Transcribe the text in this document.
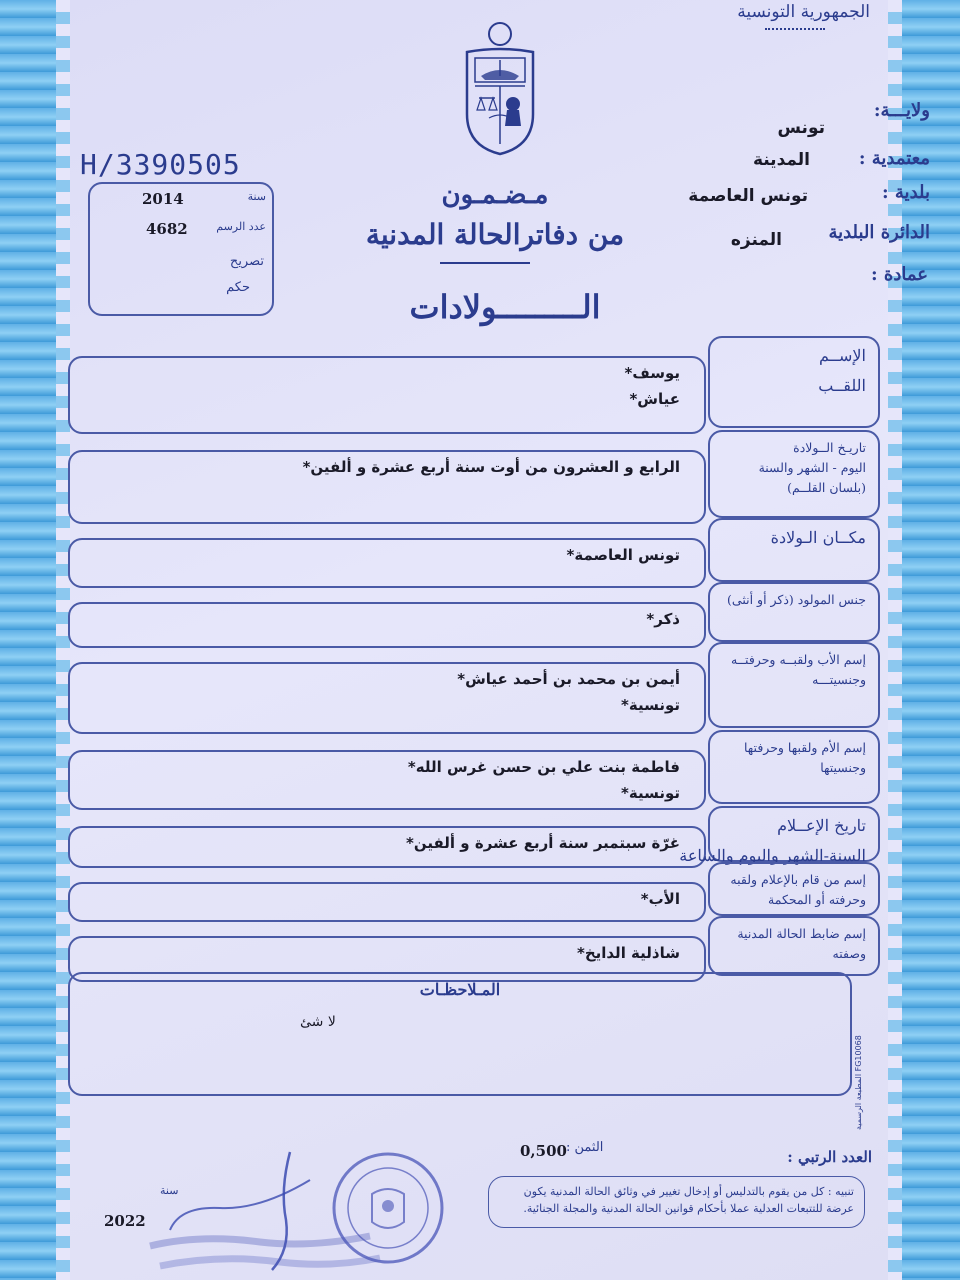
الجمهورية التونسية
ولايـــة:
تونس
معتمدية :
المدينة
بلدية :
تونس العاصمة
الدائرة البلدية
المنزه
عمادة :
H/3390505
مـضـمـون
من دفاترالحالة المدنية
الـــــــــولادات
سنة
2014
عدد الرسم
4682
تصريح
حكم
يوسف*
عياش*
الإســم
اللقــب
الرابع و العشرون من أوت سنة أربع عشرة و ألفين*
تاريـخ الــولادة
اليوم - الشهر والسنة
(بلسان القلــم)
تونس العاصمة*
مكــان الـولادة
ذكر*
جنس المولود (ذكر أو أنثى)
أيمن بن محمد بن أحمد عياش*
تونسية*
إسم الأب ولقبــه وحرفتــه
وجنسيتـــه
فاطمة بنت علي بن حسن غرس الله*
تونسية*
إسم الأم ولقبها وحرفتها
وجنسيتها
غرّة سبتمبر سنة أربع عشرة و ألفين*
تاريخ الإعــلام
السنة-الشهر واليوم والساعة
الأب*
إسم من قام بالإعلام ولقبه
وحرفته أو المحكمة
شاذلية الدايخ*
إسم ضابط الحالة المدنية
وصفته
المـلاحظـات
لا شئ
المطبعة الرسمية FG10068
العدد الرتبي :
الثمن :
0,500
تنبيه : كل من يقوم بالتدليس أو إدخال تغيير في وثائق الحالة المدنية يكون عرضة للتتبعات العدلية عملا بأحكام قوانين الحالة المدنية والمجلة الجنائية.
سنة
2022
